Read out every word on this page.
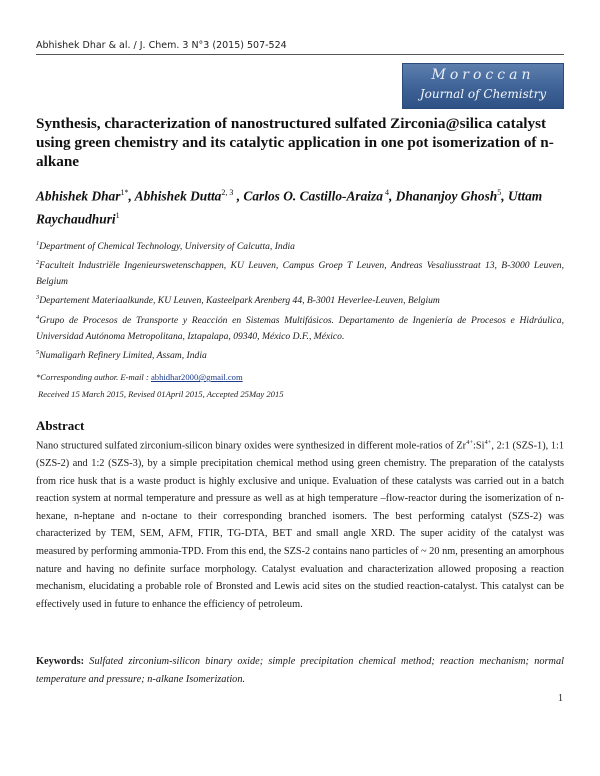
Abhishek Dhar & al. / J. Chem. 3 N°3 (2015) 507-524
Moroccan
Journal of Chemistry
Synthesis, characterization of nanostructured sulfated Zirconia@silica catalyst using green chemistry and its catalytic application in one pot isomerization of n-alkane
Abhishek Dhar$^{1*}$, Abhishek Dutta$^{2, 3}$ , Carlos O. Castillo-Araiza $^4$, Dhananjoy Ghosh$^5$, Uttam Raychaudhuri$^1$
$^1$Department of Chemical Technology, University of Calcutta, India
$^2$Faculteit Industriële Ingenieurswetenschappen, KU Leuven, Campus Groep T Leuven, Andreas Vesaliusstraat 13, B-3000 Leuven, Belgium
$^3$Departement Materiaalkunde, KU Leuven, Kasteelpark Arenberg 44, B-3001 Heverlee-Leuven, Belgium
$^4$Grupo de Procesos de Transporte y Reacción en Sistemas Multifásicos. Departamento de Ingeniería de Procesos e Hidráulica, Universidad Autónoma Metropolitana, Iztapalapa, 09340, México D.F., México.
$^5$Numaligarh Refinery Limited, Assam, India
*Corresponding author. E-mail : abhidhar2000@gmail.com
Received 15 March 2015, Revised 01April 2015, Accepted 25May 2015
Abstract
Nano structured sulfated zirconium-silicon binary oxides were synthesized in different mole-ratios of $Zr^{4+}:Si^{4+}$, 2:1 (SZS-1), 1:1 (SZS-2) and 1:2 (SZS-3), by a simple precipitation chemical method using green chemistry. The preparation of the catalysts from rice husk that is a waste product is highly exclusive and unique. Evaluation of these catalysts was carried out in a batch reaction system at normal temperature and pressure as well as at high temperature –flow-reactor during the isomerization of n-hexane, n-heptane and n-octane to their corresponding branched isomers. The best performing catalyst (SZS-2) was characterized by TEM, SEM, AFM, FTIR, TG-DTA, BET and small angle XRD. The super acidity of the catalyst was measured by performing ammonia-TPD. From this end, the SZS-2 contains nano particles of ~ 20 nm, presenting an amorphous nature and having no definite surface morphology. Catalyst evaluation and characterization allowed proposing a reaction mechanism, elucidating a probable role of Bronsted and Lewis acid sites on the studied reaction-catalyst. This catalyst can be effectively used in future to enhance the efficiency of petroleum.
Keywords: Sulfated zirconium-silicon binary oxide; simple precipitation chemical method; reaction mechanism; normal temperature and pressure; n-alkane Isomerization.
1
